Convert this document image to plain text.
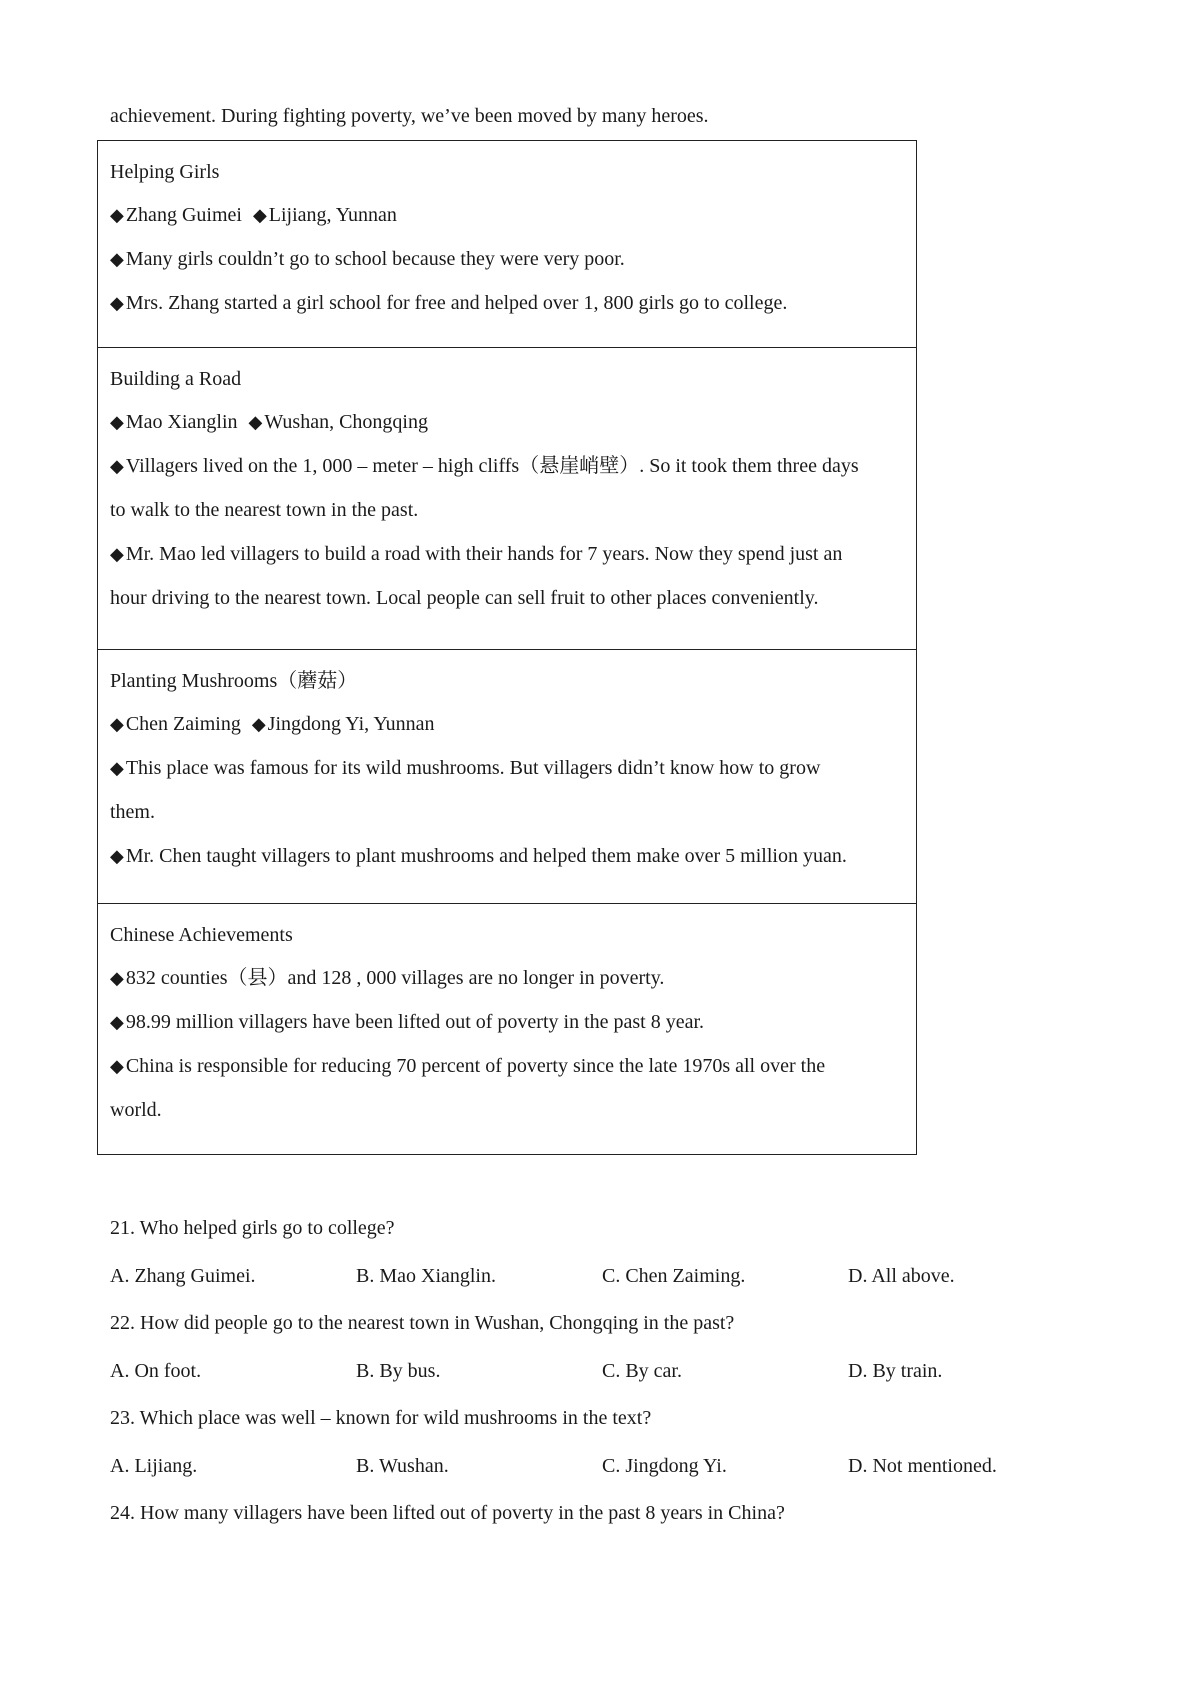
achievement. During fighting poverty, we’ve been moved by many heroes.
Helping Girls
◆ Zhang Guimei ◆ Lijiang, Yunnan
◆ Many girls couldn’t go to school because they were very poor.
◆ Mrs. Zhang started a girl school for free and helped over 1, 800 girls go to college.
Building a Road
◆ Mao Xianglin ◆ Wushan, Chongqing
◆ Villagers lived on the 1, 000 – meter – high cliffs（悬崖峭壁）. So it took them three days
to walk to the nearest town in the past.
◆ Mr. Mao led villagers to build a road with their hands for 7 years. Now they spend just an
hour driving to the nearest town. Local people can sell fruit to other places conveniently.
Planting Mushrooms（蘑菇）
◆ Chen Zaiming ◆ Jingdong Yi, Yunnan
◆ This place was famous for its wild mushrooms. But villagers didn’t know how to grow
them.
◆ Mr. Chen taught villagers to plant mushrooms and helped them make over 5 million yuan.
Chinese Achievements
◆ 832 counties（县）and 128 , 000 villages are no longer in poverty.
◆ 98.99 million villagers have been lifted out of poverty in the past 8 year.
◆ China is responsible for reducing 70 percent of poverty since the late 1970s all over the
world.
21. Who helped girls go to college?
A. Zhang Guimei.	B. Mao Xianglin.	C. Chen Zaiming.	D. All above.
22. How did people go to the nearest town in Wushan, Chongqing in the past?
A. On foot.	B. By bus.	C. By car.	D. By train.
23. Which place was well – known for wild mushrooms in the text?
A. Lijiang.	B. Wushan.	C. Jingdong Yi.	D. Not mentioned.
24. How many villagers have been lifted out of poverty in the past 8 years in China?
